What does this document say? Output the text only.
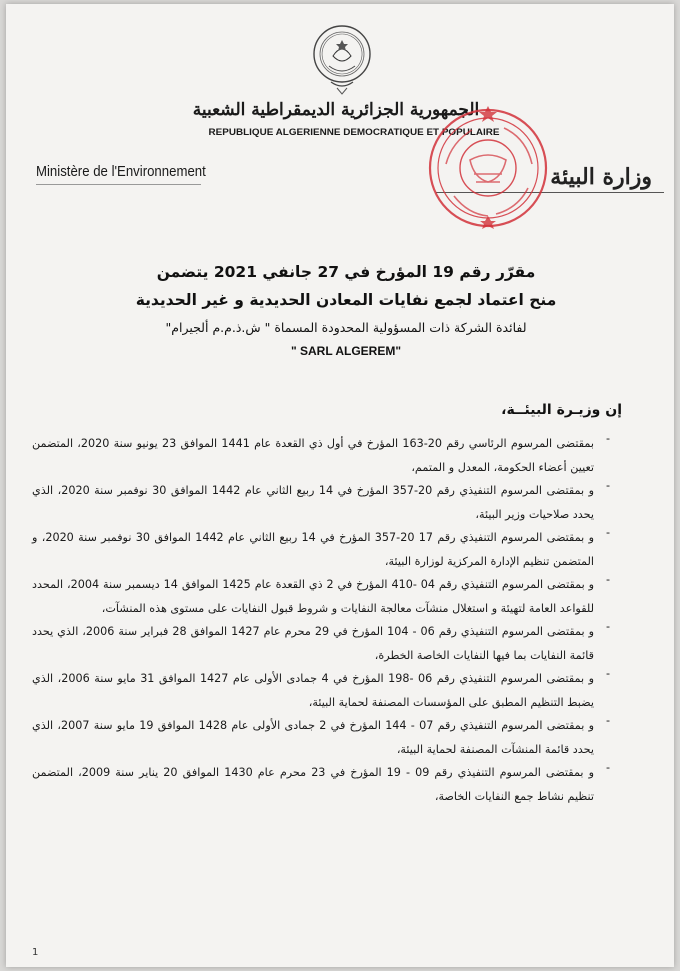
الجمهورية الجزائرية الديمقراطية الشعبية
REPUBLIQUE ALGERIENNE DEMOCRATIQUE ET POPULAIRE
Ministère de l'Environnement	وزارة البيئة
مقرّر رقم 19 المؤرخ في 27 جانفي 2021 يتضمن
منح اعتماد لجمع نفايات المعادن الحديدية و غير الحديدية
لفائدة الشركة ذات المسؤولية المحدودة المسماة " ش.ذ.م.م ألجيرام"
" SARL ALGEREM"
إن وزيـرة البيئــة،
-
بمقتضى المرسوم الرئاسي رقم 20-163 المؤرخ في أول ذي القعدة عام 1441 الموافق 23 يونيو سنة 2020، المتضمن تعيين أعضاء الحكومة، المعدل و المتمم،
-
و بمقتضى المرسوم التنفيذي رقم 20-357 المؤرخ في 14 ربيع الثاني عام 1442 الموافق 30 نوفمبر سنة 2020، الذي يحدد صلاحيات وزير البيئة،
-
و بمقتضى المرسوم التنفيذي رقم 17 20-357 المؤرخ في 14 ربيع الثاني عام 1442 الموافق 30 نوفمبر سنة 2020، و المتضمن تنظيم الإدارة المركزية لوزارة البيئة،
-
و بمقتضى المرسوم التنفيذي رقم 04 -410 المؤرخ في 2 ذي القعدة عام 1425 الموافق 14 ديسمبر سنة 2004، المحدد للقواعد العامة لتهيئة و استغلال منشآت معالجة النفايات و شروط قبول النفايات على مستوى هذه المنشآت،
-
و بمقتضى المرسوم التنفيذي رقم 06 - 104 المؤرخ في 29 محرم عام 1427 الموافق 28 فبراير سنة 2006، الذي يحدد قائمة النفايات بما فيها النفايات الخاصة الخطرة،
-
و بمقتضى المرسوم التنفيذي رقم 06 -198 المؤرخ في 4 جمادى الأولى عام 1427 الموافق 31 مايو سنة 2006، الذي يضبط التنظيم المطبق على المؤسسات المصنفة لحماية البيئة،
-
و بمقتضى المرسوم التنفيذي رقم 07 - 144 المؤرخ في 2 جمادى الأولى عام 1428 الموافق 19 مايو سنة 2007، الذي يحدد قائمة المنشآت المصنفة لحماية البيئة،
-
و بمقتضى المرسوم التنفيذي رقم 09 - 19 المؤرخ في 23 محرم عام 1430 الموافق 20 يناير سنة 2009، المتضمن تنظيم نشاط جمع النفايات الخاصة،
1
